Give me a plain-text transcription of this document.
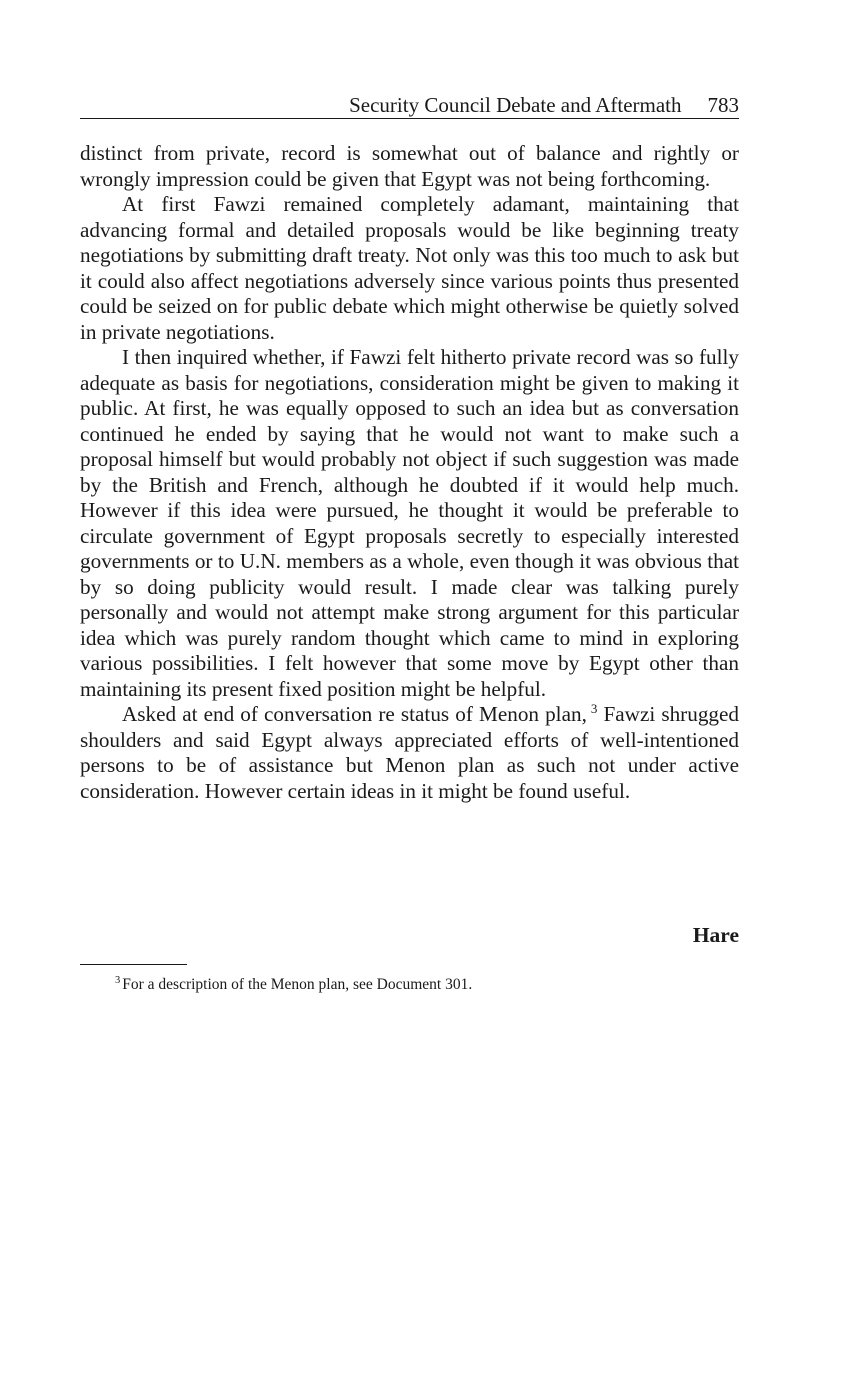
Security Council Debate and Aftermath 783

distinct from private, record is somewhat out of balance and rightly or wrongly impression could be given that Egypt was not being forthcoming.

At first Fawzi remained completely adamant, maintaining that advancing formal and detailed proposals would be like beginning treaty negotiations by submitting draft treaty. Not only was this too much to ask but it could also affect negotiations adversely since various points thus presented could be seized on for public debate which might otherwise be quietly solved in private negotiations.

I then inquired whether, if Fawzi felt hitherto private record was so fully adequate as basis for negotiations, consideration might be given to making it public. At first, he was equally opposed to such an idea but as conversation continued he ended by saying that he would not want to make such a proposal himself but would probably not object if such suggestion was made by the British and French, although he doubted if it would help much. However if this idea were pursued, he thought it would be preferable to circulate government of Egypt proposals secretly to especially interested governments or to U.N. members as a whole, even though it was obvious that by so doing publicity would result. I made clear was talking purely personally and would not attempt make strong argument for this particular idea which was purely random thought which came to mind in exploring various possibilities. I felt however that some move by Egypt other than maintaining its present fixed position might be helpful.

Asked at end of conversation re status of Menon plan, $^3$ Fawzi shrugged shoulders and said Egypt always appreciated efforts of well-intentioned persons to be of assistance but Menon plan as such not under active consideration. However certain ideas in it might be found useful.

Hare
$^3$ For a description of the Menon plan, see Document 301.
